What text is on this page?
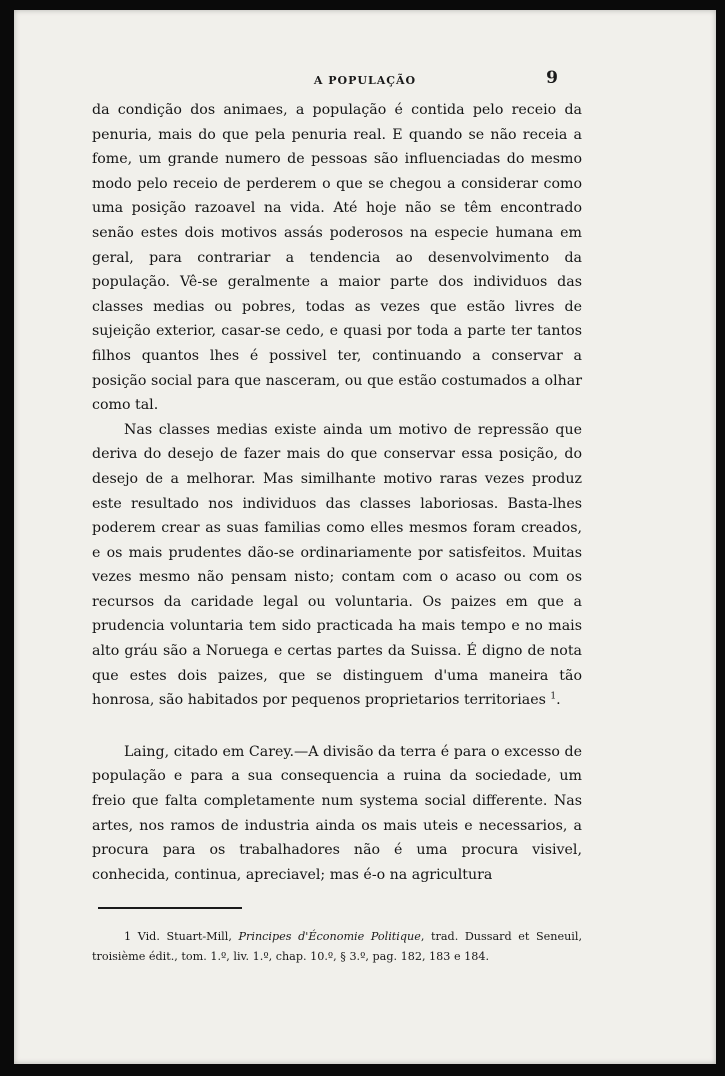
A POPULAÇÃO	9

da condição dos animaes, a população é contida pelo receio da penuria, mais do que pela penuria real. E quando se não receia a fome, um grande numero de pessoas são influenciadas do mesmo modo pelo receio de perderem o que se chegou a considerar como uma posição razoavel na vida. Até hoje não se têm encontrado senão estes dois motivos assás poderosos na especie humana em geral, para contrariar a tendencia ao desenvolvimento da população. Vê-se geralmente a maior parte dos individuos das classes medias ou pobres, todas as vezes que estão livres de sujeição exterior, casar-se cedo, e quasi por toda a parte ter tantos filhos quantos lhes é possivel ter, continuando a conservar a posição social para que nasceram, ou que estão costumados a olhar como tal.

Nas classes medias existe ainda um motivo de repressão que deriva do desejo de fazer mais do que conservar essa posição, do desejo de a melhorar. Mas similhante motivo raras vezes produz este resultado nos individuos das classes laboriosas. Basta-lhes poderem crear as suas familias como elles mesmos foram creados, e os mais prudentes dão-se ordinariamente por satisfeitos. Muitas vezes mesmo não pensam nisto; contam com o acaso ou com os recursos da caridade legal ou voluntaria. Os paizes em que a prudencia voluntaria tem sido practicada ha mais tempo e no mais alto gráu são a Noruega e certas partes da Suissa. É digno de nota que estes dois paizes, que se distinguem d'uma maneira tão honrosa, são habitados por pequenos proprietarios territoriaes $^1$.

Laing, citado em Carey.—A divisão da terra é para o excesso de população e para a sua consequencia a ruina da sociedade, um freio que falta completamente num systema social differente. Nas artes, nos ramos de industria ainda os mais uteis e necessarios, a procura para os trabalhadores não é uma procura visivel, conhecida, continua, apreciavel; mas é-o na agricultura

1 Vid. Stuart-Mill, Principes d'Économie Politique, trad. Dussard et Seneuil, troisième édit., tom. 1.º, liv. 1.º, chap. 10.º, § 3.º, pag. 182, 183 e 184.
